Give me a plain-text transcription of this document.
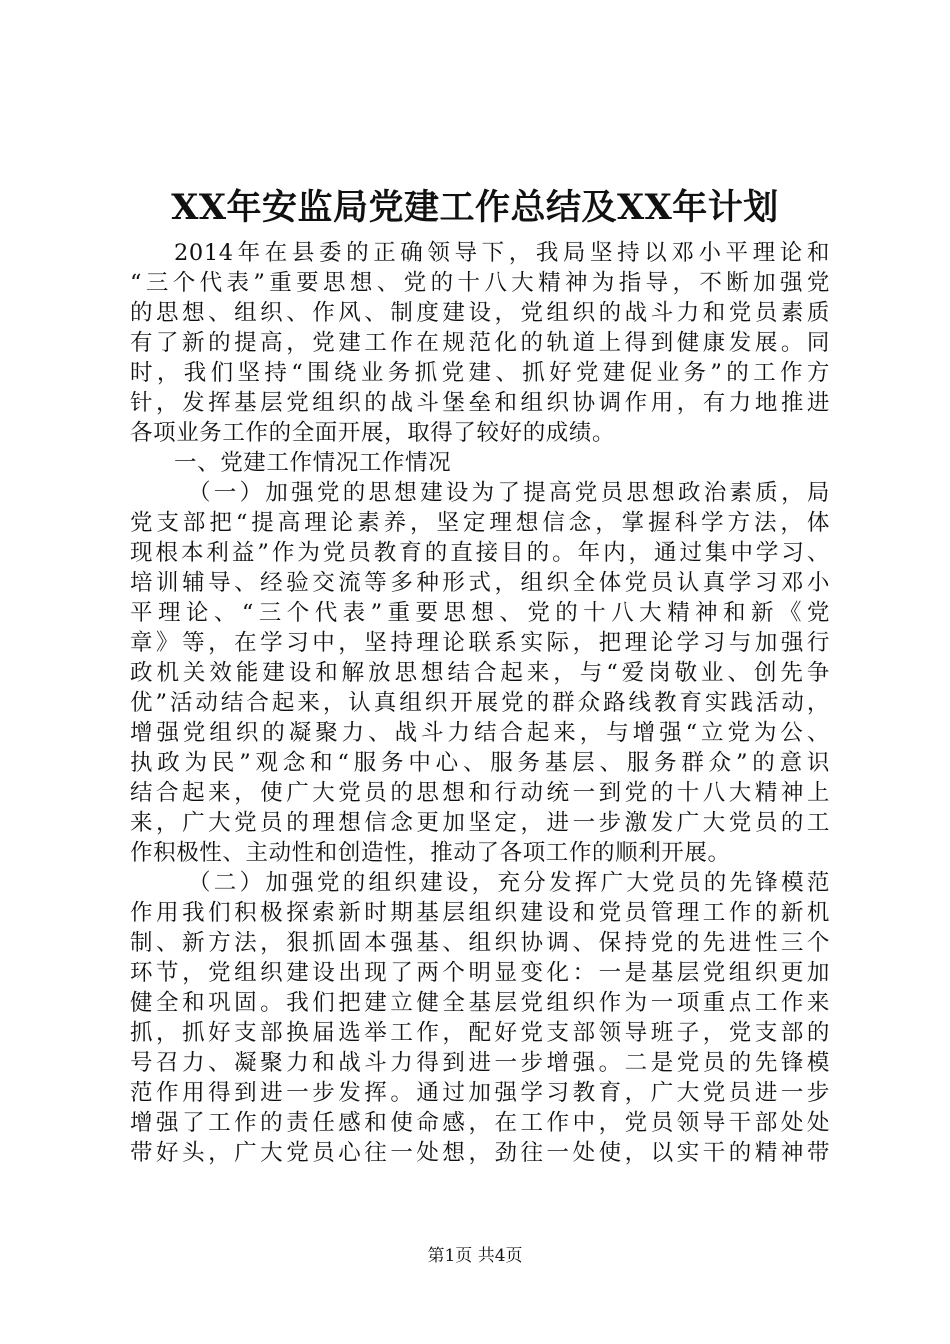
XX年安监局党建工作总结及XX年计划
2014年在县委的正确领导下，我局坚持以邓小平理论和
“三个代表”重要思想、党的十八大精神为指导，不断加强党
的思想、组织、作风、制度建设，党组织的战斗力和党员素质
有了新的提高，党建工作在规范化的轨道上得到健康发展。同
时，我们坚持“围绕业务抓党建、抓好党建促业务”的工作方
针，发挥基层党组织的战斗堡垒和组织协调作用，有力地推进
各项业务工作的全面开展，取得了较好的成绩。
一、党建工作情况工作情况
（一）加强党的思想建设为了提高党员思想政治素质，局
党支部把“提高理论素养，坚定理想信念，掌握科学方法，体
现根本利益”作为党员教育的直接目的。年内，通过集中学习、
培训辅导、经验交流等多种形式，组织全体党员认真学习邓小
平理论、“三个代表”重要思想、党的十八大精神和新《党
章》等，在学习中，坚持理论联系实际，把理论学习与加强行
政机关效能建设和解放思想结合起来，与“爱岗敬业、创先争
优”活动结合起来，认真组织开展党的群众路线教育实践活动，
增强党组织的凝聚力、战斗力结合起来，与增强“立党为公、
执政为民”观念和“服务中心、服务基层、服务群众”的意识
结合起来，使广大党员的思想和行动统一到党的十八大精神上
来，广大党员的理想信念更加坚定，进一步激发广大党员的工
作积极性、主动性和创造性，推动了各项工作的顺利开展。
（二）加强党的组织建设，充分发挥广大党员的先锋模范
作用我们积极探索新时期基层组织建设和党员管理工作的新机
制、新方法，狠抓固本强基、组织协调、保持党的先进性三个
环节，党组织建设出现了两个明显变化：一是基层党组织更加
健全和巩固。我们把建立健全基层党组织作为一项重点工作来
抓，抓好支部换届选举工作，配好党支部领导班子，党支部的
号召力、凝聚力和战斗力得到进一步增强。二是党员的先锋模
范作用得到进一步发挥。通过加强学习教育，广大党员进一步
增强了工作的责任感和使命感，在工作中，党员领导干部处处
带好头，广大党员心往一处想，劲往一处使，以实干的精神带
第1页 共4页
